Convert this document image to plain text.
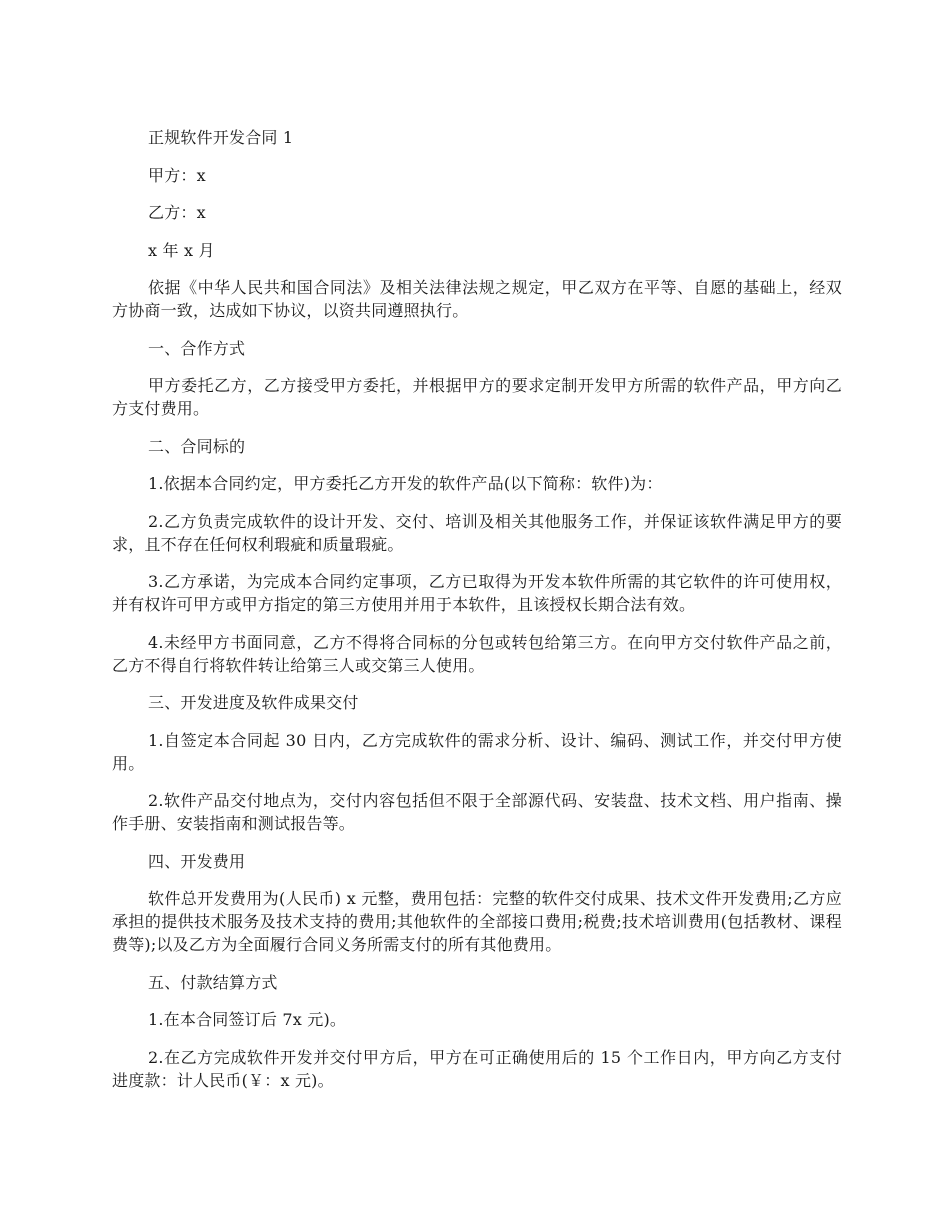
正规软件开发合同 1

甲方：x

乙方：x

x 年 x 月

依据《中华人民共和国合同法》及相关法律法规之规定，甲乙双方在平等、自愿的基础上，经双方协商一致，达成如下协议，以资共同遵照执行。

一、合作方式

甲方委托乙方，乙方接受甲方委托，并根据甲方的要求定制开发甲方所需的软件产品，甲方向乙方支付费用。

二、合同标的

1.依据本合同约定，甲方委托乙方开发的软件产品(以下简称：软件)为：

2.乙方负责完成软件的设计开发、交付、培训及相关其他服务工作，并保证该软件满足甲方的要求，且不存在任何权利瑕疵和质量瑕疵。

3.乙方承诺，为完成本合同约定事项，乙方已取得为开发本软件所需的其它软件的许可使用权，并有权许可甲方或甲方指定的第三方使用并用于本软件，且该授权长期合法有效。

4.未经甲方书面同意，乙方不得将合同标的分包或转包给第三方。在向甲方交付软件产品之前，乙方不得自行将软件转让给第三人或交第三人使用。

三、开发进度及软件成果交付

1.自签定本合同起 30 日内，乙方完成软件的需求分析、设计、编码、测试工作，并交付甲方使用。

2.软件产品交付地点为，交付内容包括但不限于全部源代码、安装盘、技术文档、用户指南、操作手册、安装指南和测试报告等。

四、开发费用

软件总开发费用为(人民币) x 元整，费用包括：完整的软件交付成果、技术文件开发费用;乙方应承担的提供技术服务及技术支持的费用;其他软件的全部接口费用;税费;技术培训费用(包括教材、课程费等);以及乙方为全面履行合同义务所需支付的所有其他费用。

五、付款结算方式

1.在本合同签订后 7x 元)。

2.在乙方完成软件开发并交付甲方后，甲方在可正确使用后的 15 个工作日内，甲方向乙方支付进度款：计人民币(￥：x 元)。
